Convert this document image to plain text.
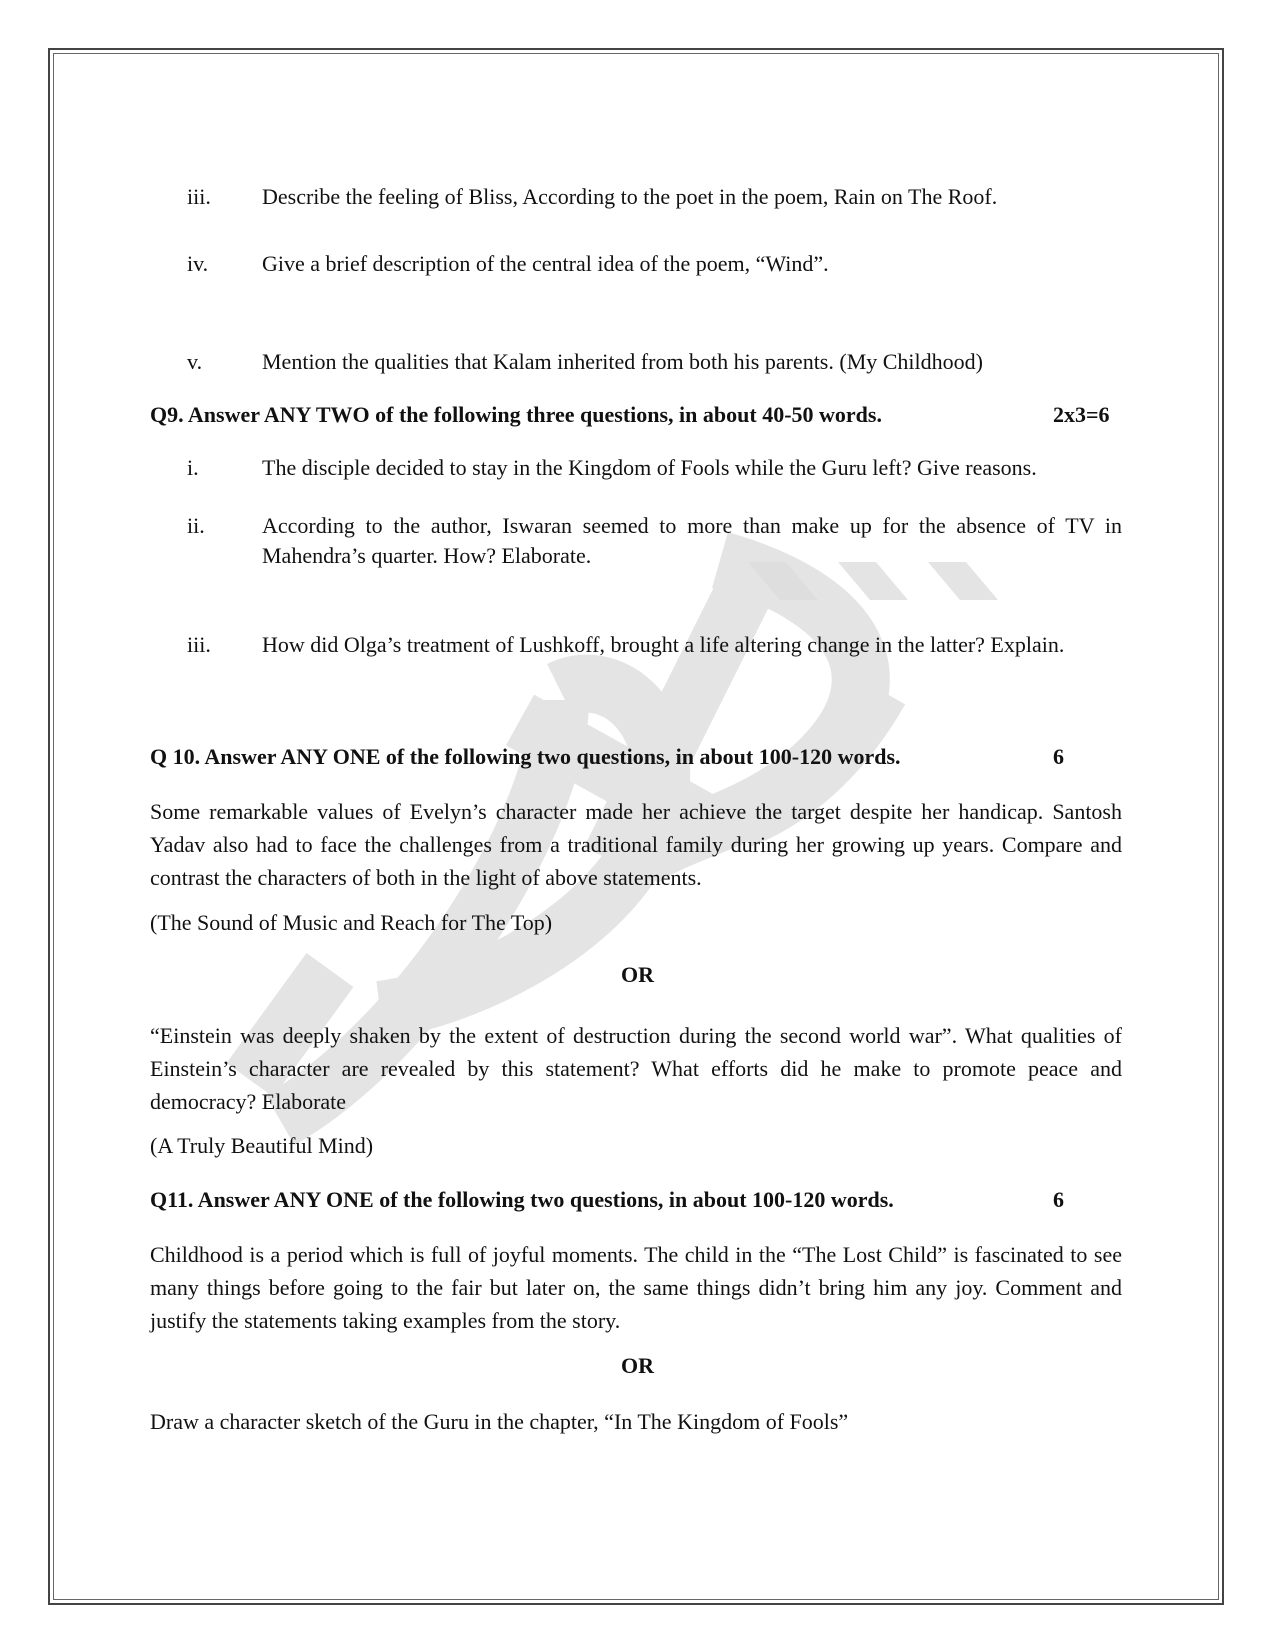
iii. Describe the feeling of Bliss, According to the poet in the poem, Rain on The Roof.
iv. Give a brief description of the central idea of the poem, “Wind”.
v.	Mention the qualities that Kalam inherited from both his parents. (My Childhood)
Q9. Answer ANY TWO of the following three questions, in about 40-50 words.	2x3=6
i.	The disciple decided to stay in the Kingdom of Fools while the Guru left? Give reasons.
ii.	According to the author, Iswaran seemed to more than make up for the absence of TV in Mahendra’s quarter. How? Elaborate.
iii. How did Olga’s treatment of Lushkoff, brought a life altering change in the latter? Explain.
Q 10. Answer ANY ONE of the following two questions, in about 100-120 words.	6
Some remarkable values of Evelyn’s character made her achieve the target despite her handicap. Santosh Yadav also had to face the challenges from a traditional family during her growing up years. Compare and contrast the characters of both in the light of above statements.
(The Sound of Music and Reach for The Top)
OR
“Einstein was deeply shaken by the extent of destruction during the second world war”. What qualities of Einstein’s character are revealed by this statement? What efforts did he make to promote peace and democracy? Elaborate
(A Truly Beautiful Mind)
Q11. Answer ANY ONE of the following two questions, in about 100-120 words.	6
Childhood is a period which is full of joyful moments. The child in the “The Lost Child” is fascinated to see many things before going to the fair but later on, the same things didn’t bring him any joy. Comment and justify the statements taking examples from the story.
OR
Draw a character sketch of the Guru in the chapter, “In The Kingdom of Fools”
